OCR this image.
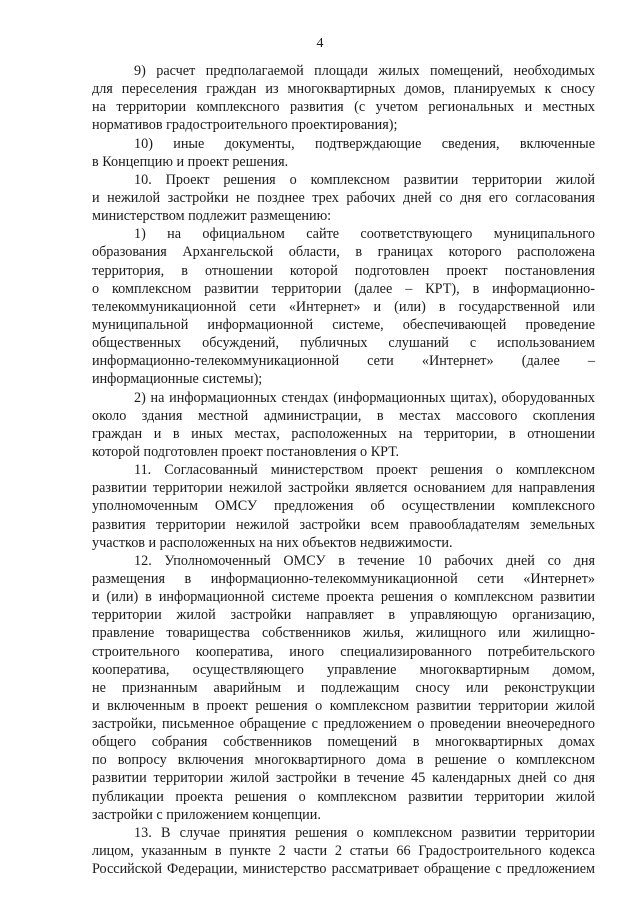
4
9) расчет предполагаемой площади жилых помещений, необходимых
для переселения граждан из многоквартирных домов, планируемых к сносу
на территории комплексного развития (с учетом региональных и местных
нормативов градостроительного проектирования);
10) иные документы, подтверждающие сведения, включенные
в Концепцию и проект решения.
10. Проект решения о комплексном развитии территории жилой
и нежилой застройки не позднее трех рабочих дней со дня его согласования
министерством подлежит размещению:
1) на официальном сайте соответствующего муниципального
образования Архангельской области, в границах которого расположена
территория, в отношении которой подготовлен проект постановления
о комплексном развитии территории (далее – КРТ), в информационно-
телекоммуникационной сети «Интернет» и (или) в государственной или
муниципальной информационной системе, обеспечивающей проведение
общественных обсуждений, публичных слушаний с использованием
информационно-телекоммуникационной сети «Интернет» (далее –
информационные системы);
2) на информационных стендах (информационных щитах), оборудованных
около здания местной администрации, в местах массового скопления
граждан и в иных местах, расположенных на территории, в отношении
которой подготовлен проект постановления о КРТ.
11. Согласованный министерством проект решения о комплексном
развитии территории нежилой застройки является основанием для направления
уполномоченным ОМСУ предложения об осуществлении комплексного
развития территории нежилой застройки всем правообладателям земельных
участков и расположенных на них объектов недвижимости.
12. Уполномоченный ОМСУ в течение 10 рабочих дней со дня
размещения в информационно-телекоммуникационной сети «Интернет»
и (или) в информационной системе проекта решения о комплексном развитии
территории жилой застройки направляет в управляющую организацию,
правление товарищества собственников жилья, жилищного или жилищно-
строительного кооператива, иного специализированного потребительского
кооператива, осуществляющего управление многоквартирным домом,
не признанным аварийным и подлежащим сносу или реконструкции
и включенным в проект решения о комплексном развитии территории жилой
застройки, письменное обращение с предложением о проведении внеочередного
общего собрания собственников помещений в многоквартирных домах
по вопросу включения многоквартирного дома в решение о комплексном
развитии территории жилой застройки в течение 45 календарных дней со дня
публикации проекта решения о комплексном развитии территории жилой
застройки с приложением концепции.
13. В случае принятия решения о комплексном развитии территории
лицом, указанным в пункте 2 части 2 статьи 66 Градостроительного кодекса
Российской Федерации, министерство рассматривает обращение с предложением
